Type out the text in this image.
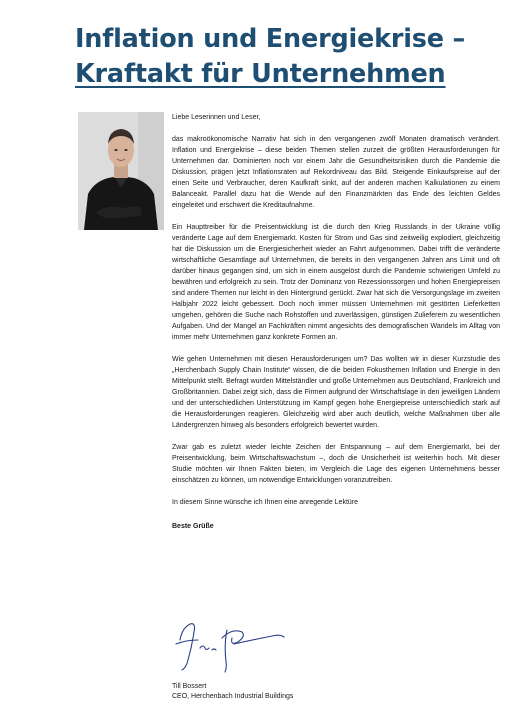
Inflation und Energiekrise –
Kraftakt für Unternehmen

Liebe Leserinnen und Leser,

das makroökonomische Narrativ hat sich in den vergangenen zwölf Monaten dramatisch verändert. Inflation und Energiekrise – diese beiden Themen stellen zurzeit die größten Herausforderungen für Unternehmen dar. Dominierten noch vor einem Jahr die Gesundheitsrisiken durch die Pandemie die Diskussion, prägen jetzt Inflationsraten auf Rekordniveau das Bild. Steigende Einkaufspreise auf der einen Seite und Verbraucher, deren Kaufkraft sinkt, auf der anderen machen Kalkulationen zu einem Balanceakt. Parallel dazu hat die Wende auf den Finanzmärkten das Ende des leichten Geldes eingeleitet und erschwert die Kreditaufnahme.

Ein Haupttreiber für die Preisentwicklung ist die durch den Krieg Russlands in der Ukraine völlig veränderte Lage auf dem Energiemarkt. Kosten für Strom und Gas sind zeitweilig explodiert, gleichzeitig hat die Diskussion um die Energiesicherheit wieder an Fahrt aufgenommen. Dabei trifft die veränderte wirtschaftliche Gesamtlage auf Unternehmen, die bereits in den vergangenen Jahren ans Limit und oft darüber hinaus gegangen sind, um sich in einem ausgelöst durch die Pandemie schwierigen Umfeld zu bewähren und erfolgreich zu sein. Trotz der Dominanz von Rezessionssorgen und hohen Energiepreisen sind andere Themen nur leicht in den Hintergrund gerückt. Zwar hat sich die Versorgungslage im zweiten Halbjahr 2022 leicht gebessert. Doch noch immer müssen Unternehmen mit gestörten Lieferketten umgehen, gehören die Suche nach Rohstoffen und zuverlässigen, günstigen Zulieferern zu wesentlichen Aufgaben. Und der Mangel an Fachkräften nimmt angesichts des demografischen Wandels im Alltag von immer mehr Unternehmen ganz konkrete Formen an.

Wie gehen Unternehmen mit diesen Herausforderungen um? Das wollten wir in dieser Kurzstudie des „Herchenbach Supply Chain Institute“ wissen, die die beiden Fokusthemen Inflation und Energie in den Mittelpunkt stellt. Befragt wurden Mittelständler und große Unternehmen aus Deutschland, Frankreich und Großbritannien. Dabei zeigt sich, dass die Firmen aufgrund der Wirtschaftslage in den jeweiligen Ländern und der unterschiedlichen Unterstützung im Kampf gegen hohe Energiepreise unterschiedlich stark auf die Herausforderungen reagieren. Gleichzeitig wird aber auch deutlich, welche Maßnahmen über alle Ländergrenzen hinweg als besonders erfolgreich bewertet wurden.

Zwar gab es zuletzt wieder leichte Zeichen der Entspannung – auf dem Energiemarkt, bei der Preisentwicklung, beim Wirtschaftswachstum –, doch die Unsicherheit ist weiterhin hoch. Mit dieser Studie möchten wir Ihnen Fakten bieten, im Vergleich die Lage des eigenen Unternehmens besser einschätzen zu können, um notwendige Entwicklungen voranzutreiben.

In diesem Sinne wünsche ich Ihnen eine anregende Lektüre

Beste Grüße

Till Bossert
CEO, Herchenbach Industrial Buildings
